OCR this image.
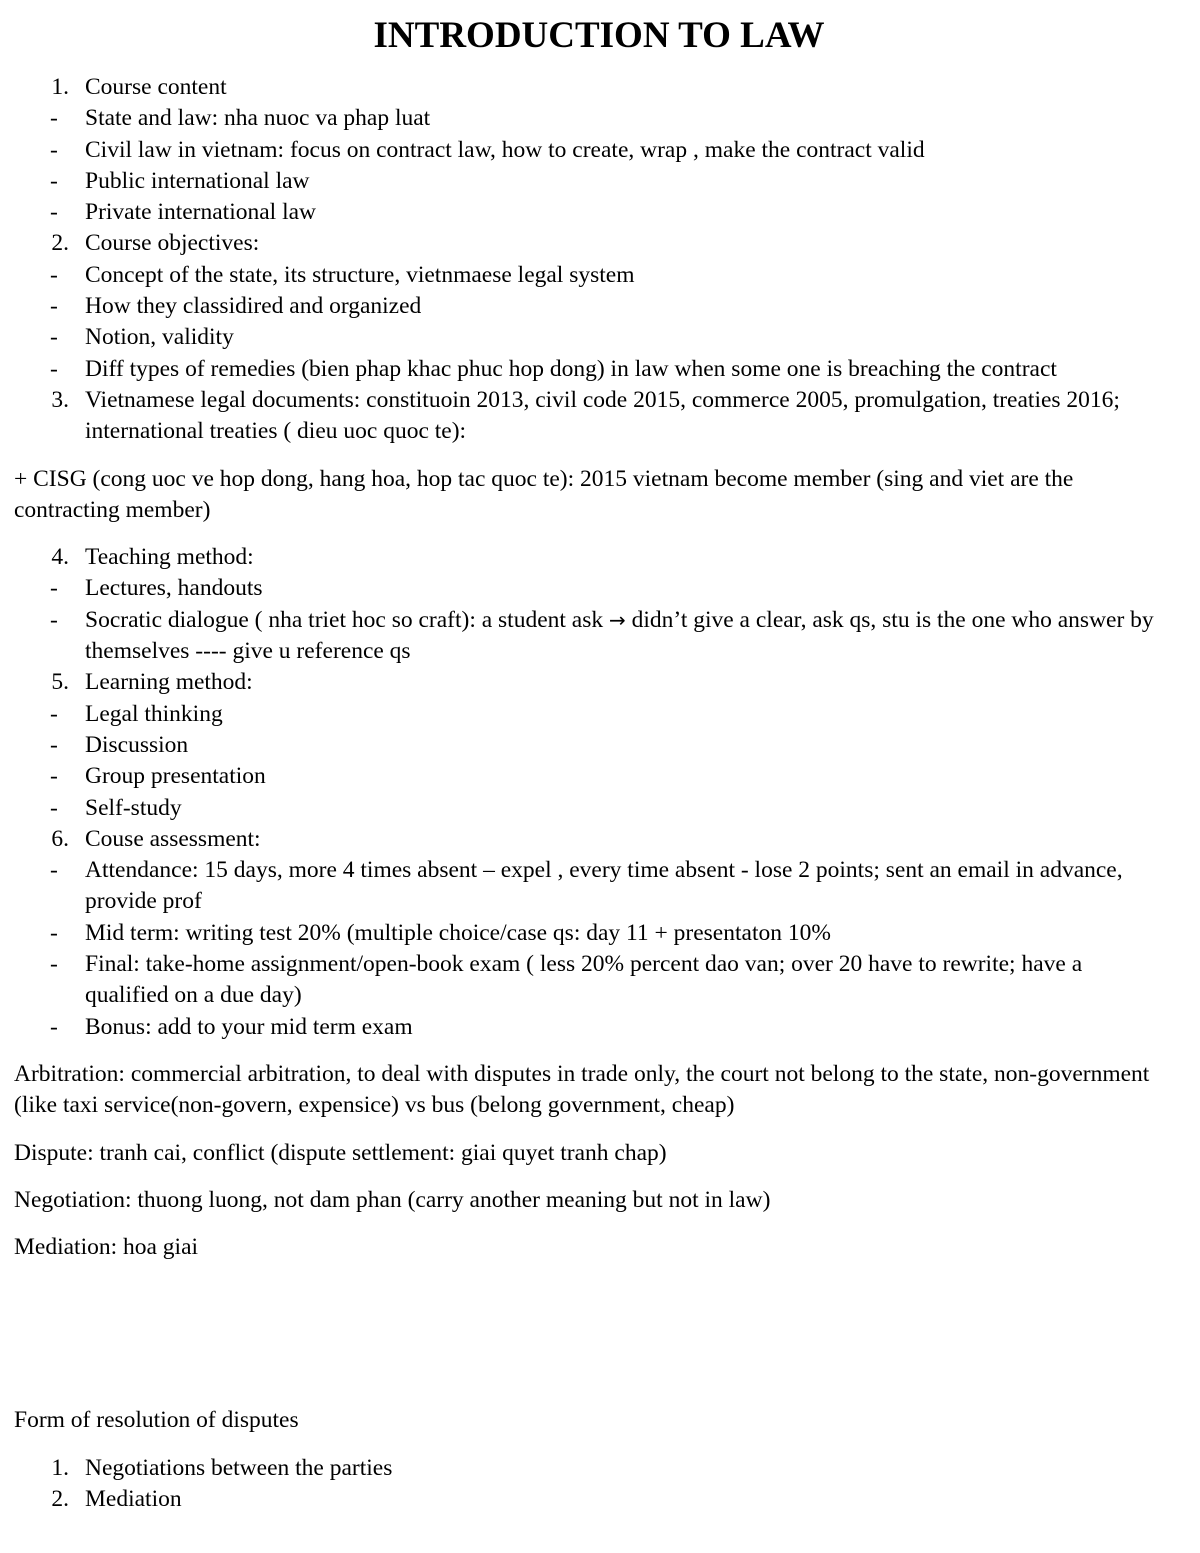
INTRODUCTION TO LAW
1. Course content
-	State and law: nha nuoc va phap luat
-	Civil law in vietnam: focus on contract law, how to create, wrap , make the contract valid
-	Public international law
-	Private international law
2. Course objectives:
-	Concept of the state, its structure, vietnmaese legal system
-	How they classidired and organized
-	Notion, validity
-	Diff types of remedies (bien phap khac phuc hop dong) in law when some one is breaching the contract
3. Vietnamese legal documents: constituoin 2013, civil code 2015, commerce 2005, promulgation, treaties 2016;
international treaties ( dieu uoc quoc te):

+ CISG (cong uoc ve hop dong, hang hoa, hop tac quoc te): 2015 vietnam become member (sing and viet are the contracting member)

4. Teaching method:
-	Lectures, handouts
-	Socratic dialogue ( nha triet hoc so craft): a student ask → didn’t give a clear, ask qs, stu is the one who answer by themselves ---- give u reference qs
5. Learning method:
-	Legal thinking
-	Discussion
-	Group presentation
-	Self-study
6. Couse assessment:
-	Attendance: 15 days, more 4 times absent – expel , every time absent - lose 2 points; sent an email in advance, provide prof
-	Mid term: writing test 20% (multiple choice/case qs: day 11 + presentaton 10%
-	Final: take-home assignment/open-book exam ( less 20% percent dao van; over 20 have to rewrite; have a qualified on a due day)
-	Bonus: add to your mid term exam

Arbitration: commercial arbitration, to deal with disputes in trade only, the court not belong to the state, non-government (like taxi service(non-govern, expensice) vs bus (belong government, cheap)

Dispute: tranh cai, conflict (dispute settlement: giai quyet tranh chap)

Negotiation: thuong luong, not dam phan (carry another meaning but not in law)

Mediation: hoa giai

Form of resolution of disputes

1. Negotiations between the parties
2. Mediation
